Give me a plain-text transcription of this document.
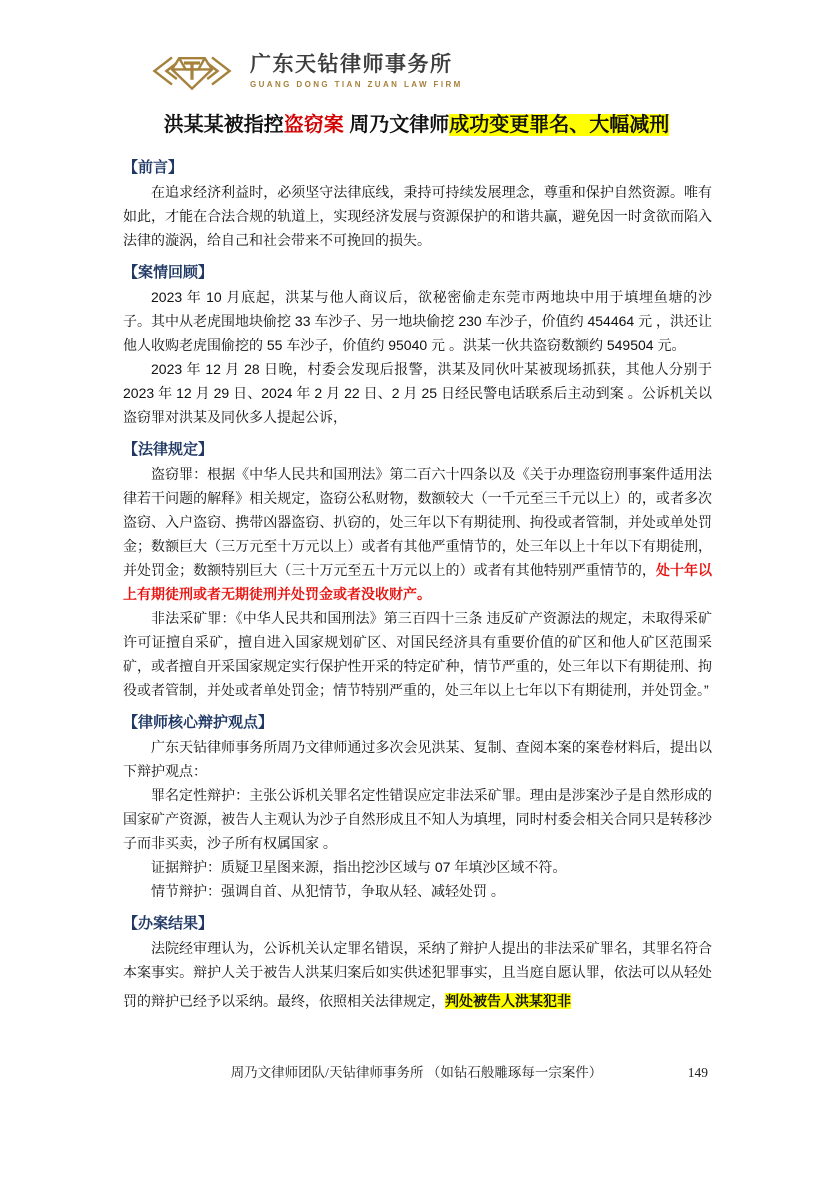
广东天钻律师事务所
GUANG DONG TIAN ZUAN LAW FIRM
洪某某被指控盗窃案 周乃文律师成功变更罪名、大幅减刑
【前言】

在追求经济利益时，必须坚守法律底线，秉持可持续发展理念，尊重和保护自然资源。唯有如此，才能在合法合规的轨道上，实现经济发展与资源保护的和谐共赢，避免因一时贪欲而陷入法律的漩涡，给自己和社会带来不可挽回的损失。

【案情回顾】

2023 年 10 月底起，洪某与他人商议后，欲秘密偷走东莞市两地块中用于填埋鱼塘的沙子。其中从老虎围地块偷挖 33 车沙子、另一地块偷挖 230 车沙子，价值约 454464 元 ，洪还让他人收购老虎围偷挖的 55 车沙子，价值约 95040 元 。洪某一伙共盗窃数额约 549504 元。

2023 年 12 月 28 日晚，村委会发现后报警，洪某及同伙叶某被现场抓获，其他人分别于 2023 年 12 月 29 日、2024 年 2 月 22 日、2 月 25 日经民警电话联系后主动到案 。公诉机关以盗窃罪对洪某及同伙多人提起公诉，

【法律规定】

盗窃罪：根据《中华人民共和国刑法》第二百六十四条以及《关于办理盗窃刑事案件适用法律若干问题的解释》相关规定，盗窃公私财物，数额较大（一千元至三千元以上）的，或者多次盗窃、入户盗窃、携带凶器盗窃、扒窃的，处三年以下有期徒刑、拘役或者管制，并处或单处罚金；数额巨大（三万元至十万元以上）或者有其他严重情节的，处三年以上十年以下有期徒刑，并处罚金；数额特别巨大（三十万元至五十万元以上的）或者有其他特别严重情节的，处十年以上有期徒刑或者无期徒刑并处罚金或者没收财产。

非法采矿罪：《中华人民共和国刑法》第三百四十三条 违反矿产资源法的规定，未取得采矿许可证擅自采矿，擅自进入国家规划矿区、对国民经济具有重要价值的矿区和他人矿区范围采矿，或者擅自开采国家规定实行保护性开采的特定矿种，情节严重的，处三年以下有期徒刑、拘役或者管制，并处或者单处罚金；情节特别严重的，处三年以上七年以下有期徒刑，并处罚金。”

【律师核心辩护观点】

广东天钻律师事务所周乃文律师通过多次会见洪某、复制、查阅本案的案卷材料后，提出以下辩护观点：

罪名定性辩护：主张公诉机关罪名定性错误应定非法采矿罪。理由是涉案沙子是自然形成的国家矿产资源，被告人主观认为沙子自然形成且不知人为填埋，同时村委会相关合同只是转移沙子而非买卖，沙子所有权属国家 。

证据辩护：质疑卫星图来源，指出挖沙区域与 07 年填沙区域不符。

情节辩护：强调自首、从犯情节，争取从轻、减轻处罚 。

【办案结果】

法院经审理认为，公诉机关认定罪名错误，采纳了辩护人提出的非法采矿罪名，其罪名符合本案事实。辩护人关于被告人洪某归案后如实供述犯罪事实，且当庭自愿认罪，依法可以从轻处罚的辩护已经予以采纳。最终，依照相关法律规定，判处被告人洪某犯非

周乃文律师团队/天钻律师事务所 （如钻石般雕琢每一宗案件）	149
